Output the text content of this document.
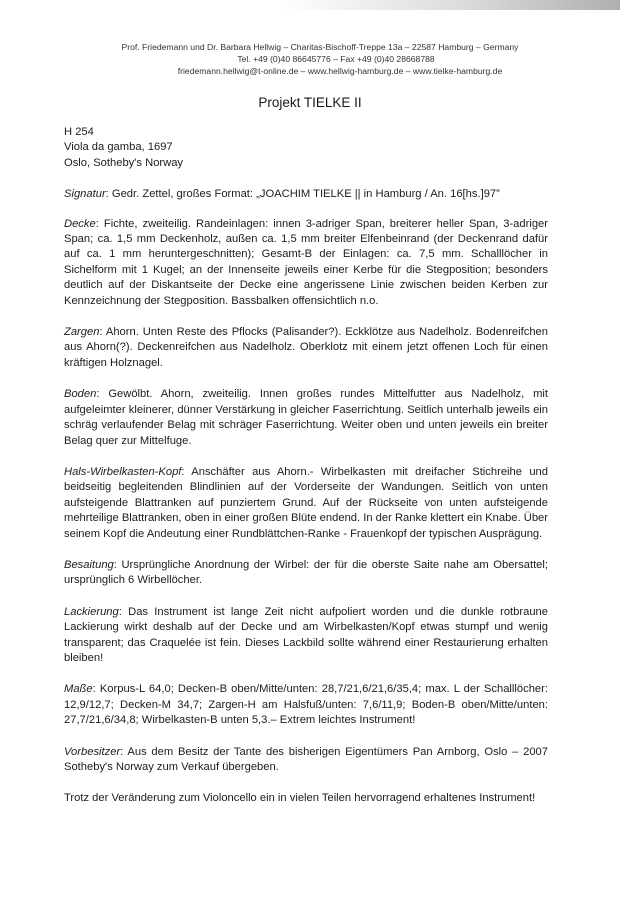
Prof. Friedemann und Dr. Barbara Hellwig – Charitas-Bischoff-Treppe 13a – 22587 Hamburg – Germany
Tel. +49 (0)40 86645776 – Fax +49 (0)40 28668788
friedemann.hellwig@t-online.de – www.hellwig-hamburg.de – www.tielke-hamburg.de
Projekt TIELKE II

H 254

Viola da gamba, 1697

Oslo, Sotheby's Norway

Signatur: Gedr. Zettel, großes Format: „JOACHIM TIELKE || in Hamburg / An. 16[hs.]97”

Decke: Fichte, zweiteilig. Randeinlagen: innen 3-adriger Span, breiterer heller Span, 3-adriger Span; ca. 1,5 mm Deckenholz, außen ca. 1,5 mm breiter Elfenbeinrand (der Deckenrand dafür auf ca. 1 mm heruntergeschnitten); Gesamt-B der Einlagen: ca. 7,5 mm. Schalllöcher in Sichelform mit 1 Kugel; an der Innenseite jeweils einer Kerbe für die Stegposition; besonders deutlich auf der Diskantseite der Decke eine angerissene Linie zwischen beiden Kerben zur Kennzeichnung der Stegposition. Bassbalken offensichtlich n.o.

Zargen: Ahorn. Unten Reste des Pflocks (Palisander?). Eckklötze aus Nadelholz. Bodenreifchen aus Ahorn(?). Deckenreifchen aus Nadelholz. Oberklotz mit einem jetzt offenen Loch für einen kräftigen Holznagel.

Boden: Gewölbt. Ahorn, zweiteilig. Innen großes rundes Mittelfutter aus Nadelholz, mit aufgeleimter kleinerer, dünner Verstärkung in gleicher Faserrichtung. Seitlich unterhalb jeweils ein schräg verlaufender Belag mit schräger Faserrichtung. Weiter oben und unten jeweils ein breiter Belag quer zur Mittelfuge.

Hals-Wirbelkasten-Kopf: Anschäfter aus Ahorn.- Wirbelkasten mit dreifacher Stichreihe und beidseitig begleitenden Blindlinien auf der Vorderseite der Wandungen. Seitlich von unten aufsteigende Blattranken auf punziertem Grund. Auf der Rückseite von unten aufsteigende mehrteilige Blattranken, oben in einer großen Blüte endend. In der Ranke klettert ein Knabe. Über seinem Kopf die Andeutung einer Rundblättchen-Ranke - Frauenkopf der typischen Ausprägung.

Besaitung: Ursprüngliche Anordnung der Wirbel: der für die oberste Saite nahe am Obersattel; ursprünglich 6 Wirbellöcher.

Lackierung: Das Instrument ist lange Zeit nicht aufpoliert worden und die dunkle rotbraune Lackierung wirkt deshalb auf der Decke und am Wirbelkasten/Kopf etwas stumpf und wenig transparent; das Craquelée ist fein. Dieses Lackbild sollte während einer Restaurierung erhalten bleiben!

Maße: Korpus-L 64,0; Decken-B oben/Mitte/unten: 28,7/21,6/21,6/35,4; max. L der Schalllöcher: 12,9/12,7; Decken-M 34,7; Zargen-H am Halsfuß/unten: 7,6/11,9; Boden-B oben/Mitte/unten: 27,7/21,6/34,8; Wirbelkasten-B unten 5,3.– Extrem leichtes Instrument!

Vorbesitzer: Aus dem Besitz der Tante des bisherigen Eigentümers Pan Arnborg, Oslo – 2007 Sotheby's Norway zum Verkauf übergeben.

Trotz der Veränderung zum Violoncello ein in vielen Teilen hervorragend erhaltenes Instrument!
